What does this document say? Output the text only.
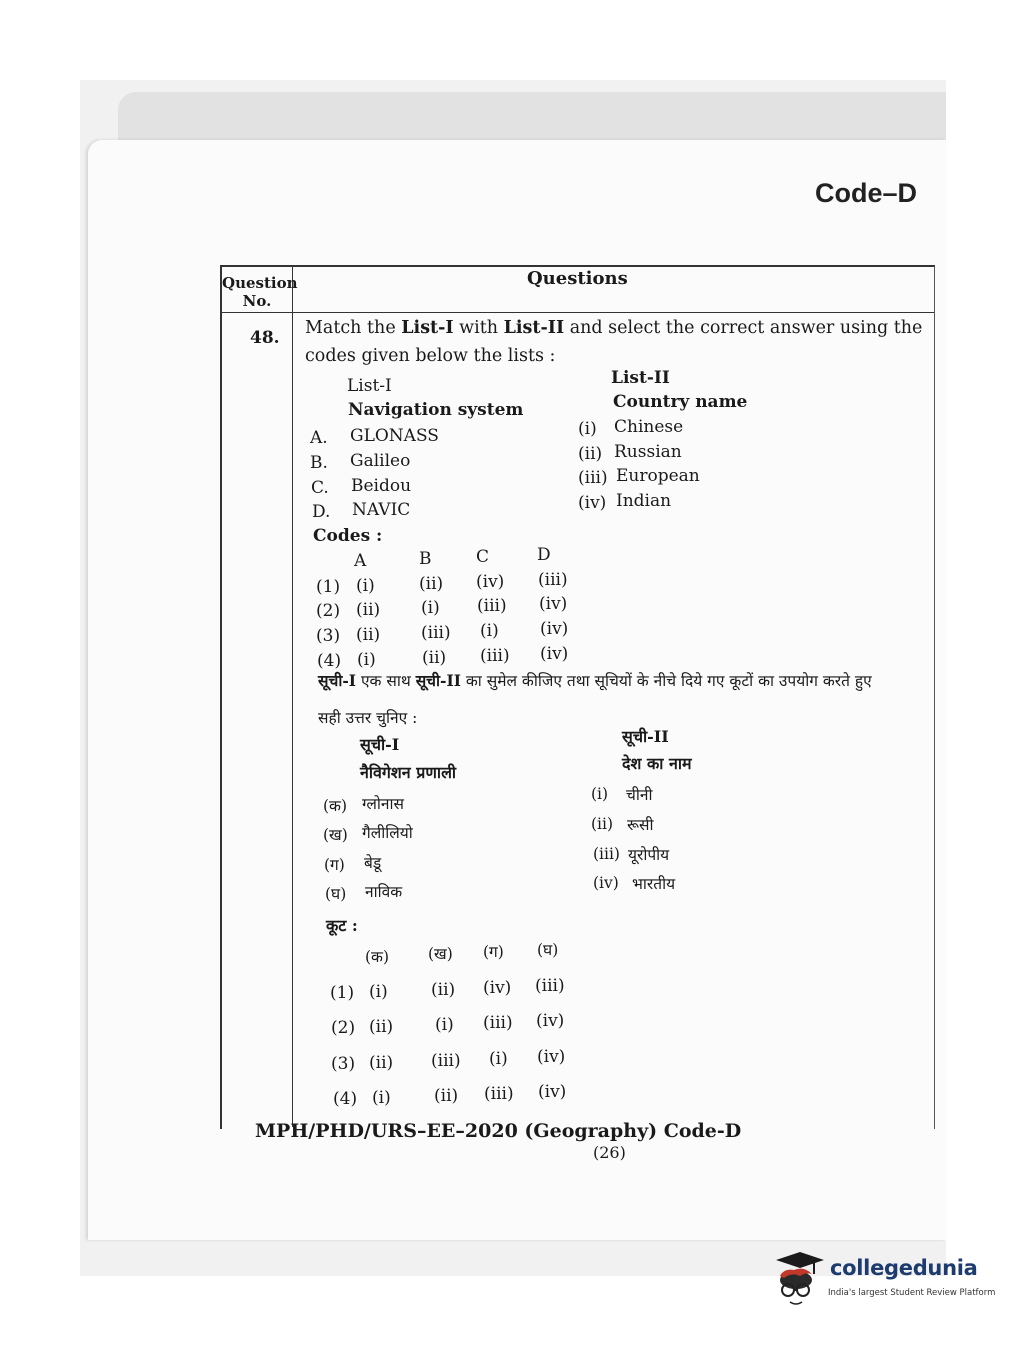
Code–D
Question No.
Questions
48. Match the List-I with List-II and select the correct answer using the
codes given below the lists :
List-I
Navigation system
List-II
Country name
A. GLONASS
B. Galileo
C. Beidou
D. NAVIC
(i) Chinese
(ii) Russian
(iii) European
(iv) Indian
Codes :
A	B	C	D
(1) (i)	(ii) (iv) (iii)
(2) (ii) (i) (iii) (iv)
(3) (ii) (iii) (i) (iv)
(4) (i)	(ii) (iii) (iv)
सूची-I एक साथ सूची-II का सुमेल कीजिए तथा सूचियों के नीचे दिये गए कूटों का उपयोग करते हुए
सही उत्तर चुनिए :
सूची-I
नैविगेशन प्रणाली
सूची-II
देश का नाम
(क) ग्लोनास
(ख) गैलीलियो
(ग) बेडू
(घ) नाविक
(i) चीनी
(ii) रूसी
(iii) यूरोपीय
(iv) भारतीय
कूट :
(क)	(ख) (ग) (घ)
(1) (i)	(ii) (iv) (iii)
(2) (ii) (i) (iii) (iv)
(3) (ii) (iii) (i) (iv)
(4) (i)	(ii) (iii) (iv)
MPH/PHD/URS–EE–2020 (Geography) Code-D
(26)
collegedunia
India's largest Student Review Platform
